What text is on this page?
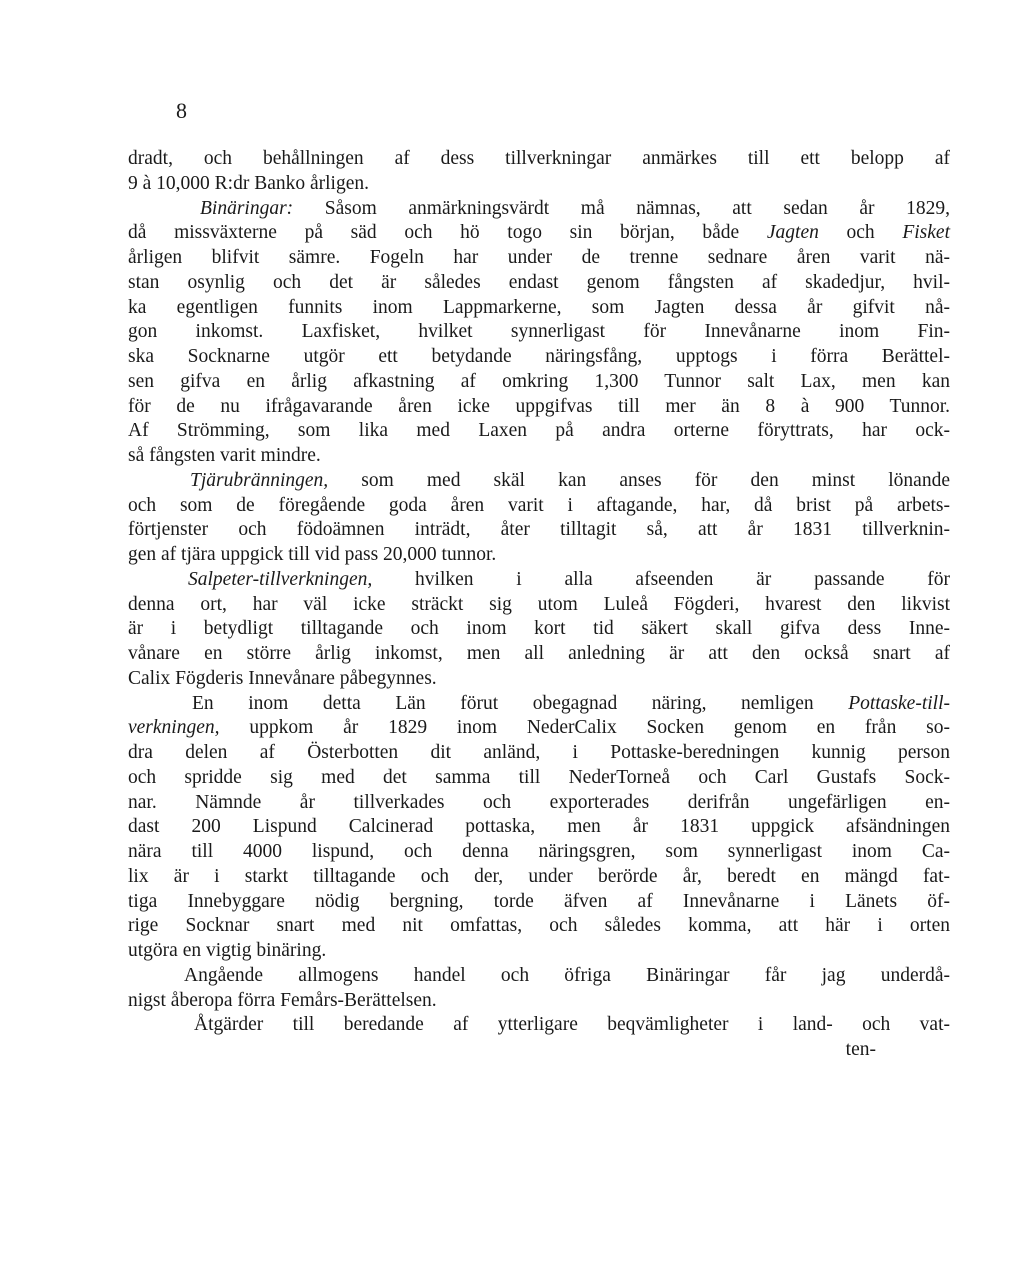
8
dradt, och behållningen af dess tillverkningar anmärkes till ett belopp af
9 à 10,000 R:dr Banko årligen.
Binäringar: Såsom anmärkningsvärdt må nämnas, att sedan år 1829,
då missväxterne på säd och hö togo sin början, både Jagten och Fisket
årligen blifvit sämre. Fogeln har under de trenne sednare åren varit nä-
stan osynlig och det är således endast genom fångsten af skadedjur, hvil-
ka egentligen funnits inom Lappmarkerne, som Jagten dessa år gifvit nå-
gon inkomst. Laxfisket, hvilket synnerligast för Innevånarne inom Fin-
ska Socknarne utgör ett betydande näringsfång, upptogs i förra Berättel-
sen gifva en årlig afkastning af omkring 1,300 Tunnor salt Lax, men kan
för de nu ifrågavarande åren icke uppgifvas till mer än 8 à 900 Tunnor.
Af Strömming, som lika med Laxen på andra orterne föryttrats, har ock-
så fångsten varit mindre.
Tjärubränningen, som med skäl kan anses för den minst lönande
och som de föregående goda åren varit i aftagande, har, då brist på arbets-
förtjenster och födoämnen inträdt, åter tilltagit så, att år 1831 tillverknin-
gen af tjära uppgick till vid pass 20,000 tunnor.
Salpeter-tillverkningen, hvilken i alla afseenden är passande för
denna ort, har väl icke sträckt sig utom Luleå Fögderi, hvarest den likvist
är i betydligt tilltagande och inom kort tid säkert skall gifva dess Inne-
vånare en större årlig inkomst, men all anledning är att den också snart af
Calix Fögderis Innevånare påbegynnes.
En inom detta Län förut obegagnad näring, nemligen Pottaske-till-
verkningen, uppkom år 1829 inom NederCalix Socken genom en från so-
dra delen af Österbotten dit anländ, i Pottaske-beredningen kunnig person
och spridde sig med det samma till NederTorneå och Carl Gustafs Sock-
nar. Nämnde år tillverkades och exporterades derifrån ungefärligen en-
dast 200 Lispund Calcinerad pottaska, men år 1831 uppgick afsändningen
nära till 4000 lispund, och denna näringsgren, som synnerligast inom Ca-
lix är i starkt tilltagande och der, under berörde år, beredt en mängd fat-
tiga Innebyggare nödig bergning, torde äfven af Innevånarne i Länets öf-
rige Socknar snart med nit omfattas, och således komma, att här i orten
utgöra en vigtig binäring.
Angående allmogens handel och öfriga Binäringar får jag underdå-
nigst åberopa förra Femårs-Berättelsen.
Åtgärder till beredande af ytterligare beqvämligheter i land- och vat-
ten-
